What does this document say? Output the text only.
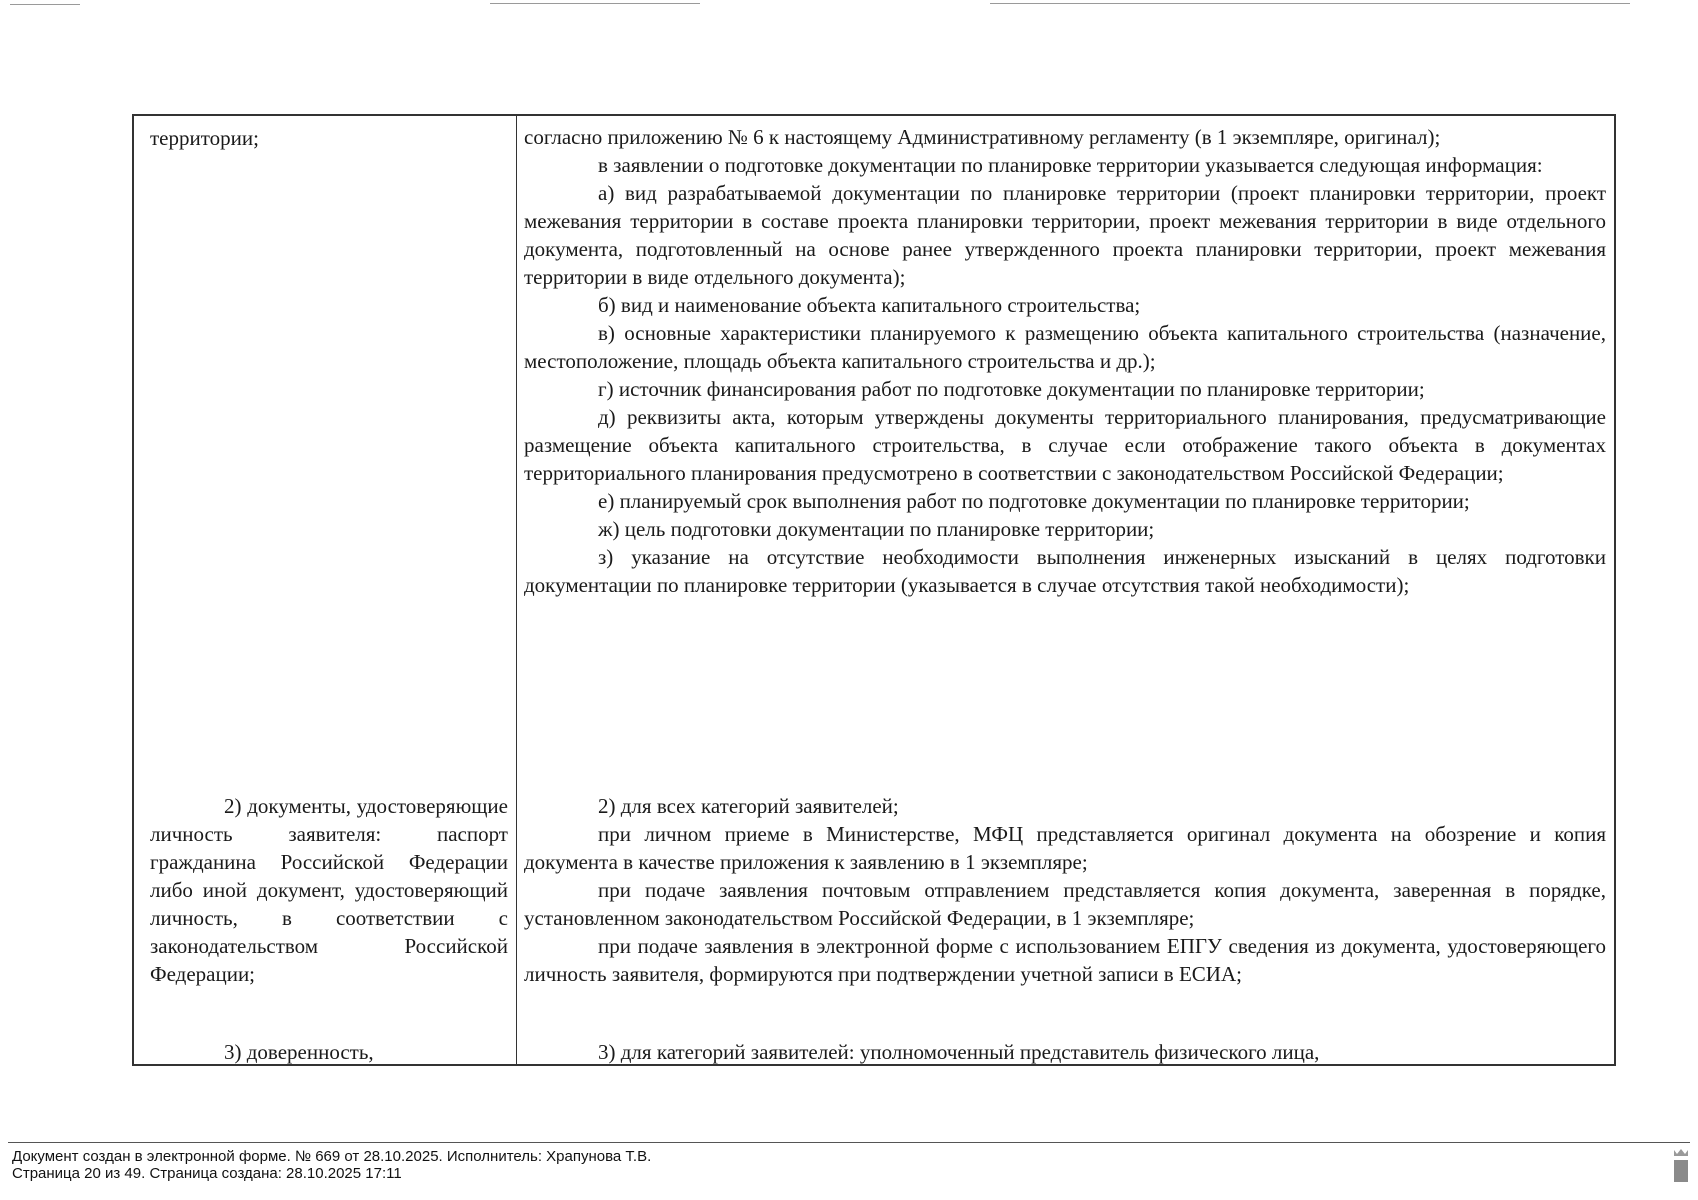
территории;

2) документы, удостоверяющие личность заявителя: паспорт гражданина Российской Федерации либо иной документ, удостоверяющий личность, в соответствии с законодательством Российской Федерации;

3) доверенность,

согласно приложению № 6 к настоящему Административному регламенту (в 1 экземпляре, оригинал);

в заявлении о подготовке документации по планировке территории указывается следующая информация:

а) вид разрабатываемой документации по планировке территории (проект планировки территории, проект межевания территории в составе проекта планировки территории, проект межевания территории в виде отдельного документа, подготовленный на основе ранее утвержденного проекта планировки территории, проект межевания территории в виде отдельного документа);

б) вид и наименование объекта капитального строительства;

в) основные характеристики планируемого к размещению объекта капитального строительства (назначение, местоположение, площадь объекта капитального строительства и др.);

г) источник финансирования работ по подготовке документации по планировке территории;

д) реквизиты акта, которым утверждены документы территориального планирования, предусматривающие размещение объекта капитального строительства, в случае если отображение такого объекта в документах территориального планирования предусмотрено в соответствии с законодательством Российской Федерации;

е) планируемый срок выполнения работ по подготовке документации по планировке территории;

ж) цель подготовки документации по планировке территории;

з) указание на отсутствие необходимости выполнения инженерных изысканий в целях подготовки документации по планировке территории (указывается в случае отсутствия такой необходимости);

2) для всех категорий заявителей;

при личном приеме в Министерстве, МФЦ представляется оригинал документа на обозрение и копия документа в качестве приложения к заявлению в 1 экземпляре;

при подаче заявления почтовым отправлением представляется копия документа, заверенная в порядке, установленном законодательством Российской Федерации, в 1 экземпляре;

при подаче заявления в электронной форме с использованием ЕПГУ сведения из документа, удостоверяющего личность заявителя, формируются при подтверждении учетной записи в ЕСИА;

3) для категорий заявителей: уполномоченный представитель физического лица,

Документ создан в электронной форме. № 669 от 28.10.2025. Исполнитель: Храпунова Т.В.
Страница 20 из 49. Страница создана: 28.10.2025 17:11
